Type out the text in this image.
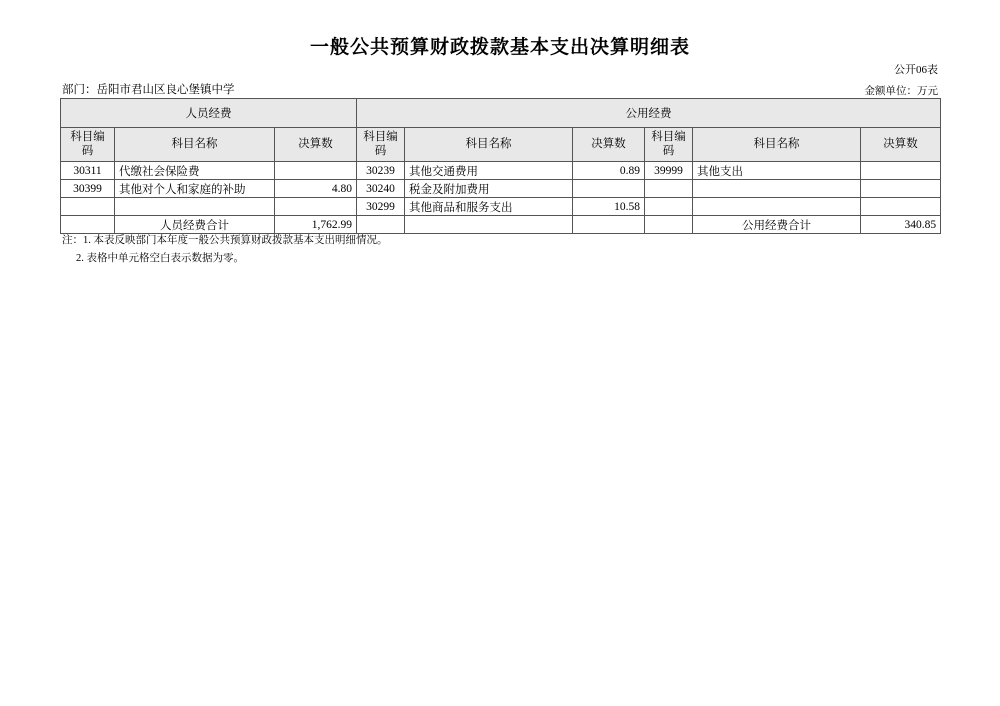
一般公共预算财政拨款基本支出决算明细表
公开06表
部门：岳阳市君山区良心堡镇中学	金额单位：万元
人员经费			公用经费					
科目编码	科目名称	决算数	科目编码	科目名称	决算数	科目编码	科目名称	决算数
30311	代缴社会保险费		30239	其他交通费用	0.89	39999	其他支出	
30399	其他对个人和家庭的补助	4.80	30240	税金及附加费用				
			30299	其他商品和服务支出	10.58			
	人员经费合计	1,762.99					公用经费合计	340.85
注：1. 本表反映部门本年度一般公共预算财政拨款基本支出明细情况。
2. 表格中单元格空白表示数据为零。
